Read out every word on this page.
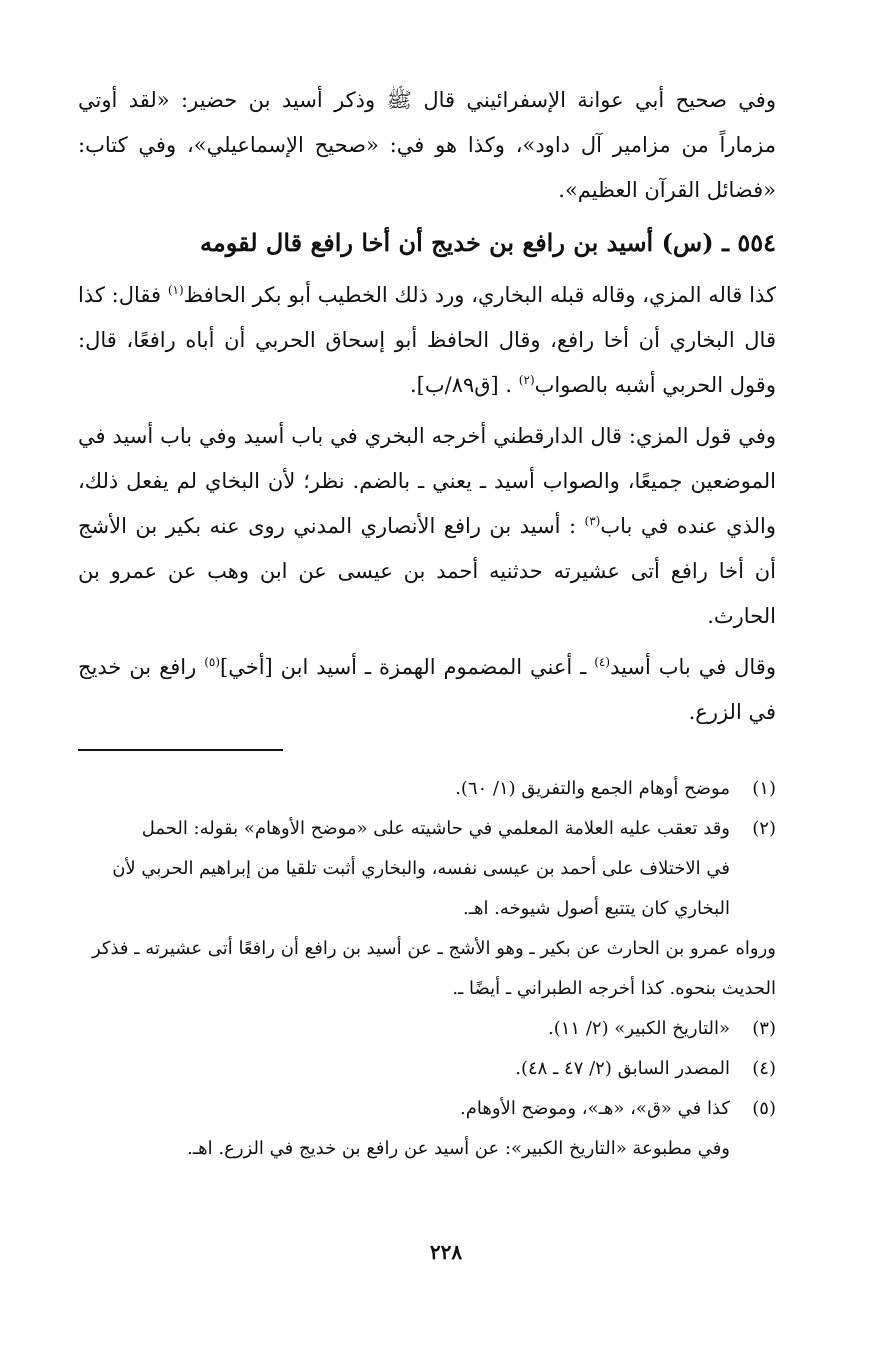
وفي صحيح أبي عوانة الإسفرائيني قال ﷺ وذكر أسيد بن حضير: «لقد أوتي مزماراً من مزامير آل داود»، وكذا هو في: «صحيح الإسماعيلي»، وفي كتاب: «فضائل القرآن العظيم».

٥٥٤ ـ (س) أسيد بن رافع بن خديج أن أخا رافع قال لقومه

كذا قاله المزي، وقاله قبله البخاري، ورد ذلك الخطيب أبو بكر الحافظ$^{(١)}$ فقال: كذا قال البخاري أن أخا رافع، وقال الحافظ أبو إسحاق الحربي أن أباه رافعًا، قال: وقول الحربي أشبه بالصواب$^{(٢)}$ . [ق٨٩/ب].

وفي قول المزي: قال الدارقطني أخرجه البخري في باب أسيد وفي باب أسيد في الموضعين جميعًا، والصواب أسيد ـ يعني ـ بالضم. نظر؛ لأن البخاي لم يفعل ذلك، والذي عنده في باب$^{(٣)}$ : أسيد بن رافع الأنصاري المدني روى عنه بكير بن الأشج أن أخا رافع أتى عشيرته حدثنيه أحمد بن عيسى عن ابن وهب عن عمرو بن الحارث.

وقال في باب أسيد$^{(٤)}$ ـ أعني المضموم الهمزة ـ أسيد ابن [أخي]$^{(٥)}$ رافع بن خديج في الزرع.

(١)
موضح أوهام الجمع والتفريق (١/ ٦٠).

(٢)
وقد تعقب عليه العلامة المعلمي في حاشيته على «موضح الأوهام» بقوله: الحمل

في الاختلاف على أحمد بن عيسى نفسه، والبخاري أثبت تلقيا من إبراهيم الحربي لأن البخاري كان يتتبع أصول شيوخه. اهـ.

ورواه عمرو بن الحارث عن بكير ـ وهو الأشج ـ عن أسيد بن رافع أن رافعًا أتى عشيرته ـ فذكر الحديث بنحوه. كذا أخرجه الطبراني ـ أيضًا ـ.

(٣)
«التاريخ الكبير» (٢/ ١١).

(٤)
المصدر السابق (٢/ ٤٧ ـ ٤٨).

(٥)
كذا في «ق»، «هـ»، وموضح الأوهام.

وفي مطبوعة «التاريخ الكبير»: عن أسيد عن رافع بن خديج في الزرع. اهـ.

٢٢٨
